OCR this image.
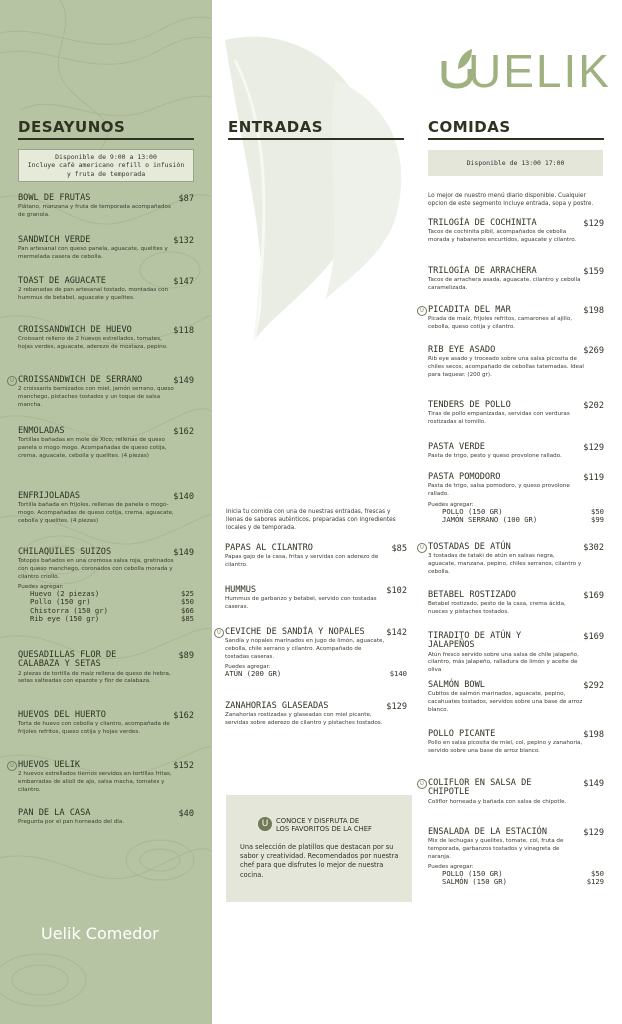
UELIK
DESAYUNOS	ENTRADAS	COMIDAS
Disponible de 9:00 a 13:00
Incluye café americano refill o infusión
y fruta de temporada
Disponible de 13:00 17:00
BOWL DE FRUTAS	$87
Plátano, manzana y fruta de temporada acompañados de granola.
SANDWICH VERDE	$132
Pan artesanal con queso panela, aguacate, quelites y mermelada casera de cebolla.
TOAST DE AGUACATE	$147
2 rebanadas de pan artesanal tostado, montadas con hummus de betabel, aguacate y quelites.
CROISSANDWICH DE HUEVO	$118
Croissant relleno de 2 huevos estrellados, tomates, hojas verdes, aguacate, aderezo de mostaza, pepino.
U CROISSANDWICH DE SERRANO	$149
2 croissants barnizados con miel, jamón serrano, queso manchego, pistaches tostados y un toque de salsa mancha.
ENMOLADAS	$162
Tortillas bañadas en mole de Xico, rellenas de queso panela o mogo mogo. Acompañadas de queso cotija, crema, aguacate, cebolla y quelites. (4 piezas)
ENFRIJOLADAS	$140
Tortilla bañada en frijoles, rellenas de panela o mogo-mogo. Acompañadas de queso cotija, crema, aguacate, cebolla y quelites. (4 piezas)
CHILAQUILES SUIZOS	$149
Totopos bañados en una cremosa salsa roja, gratinados con queso manchego, coronados con cebolla morada y cilantro criollo.
Puedes agregar:
Huevo (2 piezas)	$25
Pollo (150 gr)	$50
Chistorra (150 gr)	$66
Rib eye (150 gr)	$85
QUESADILLAS FLOR DE CALABAZA Y SETAS
$89
2 piezas de tortilla de maíz rellena de queso de hebra, setas salteadas con epazote y flor de calabaza.
HUEVOS DEL HUERTO	$162
Torta de huevo con cebolla y cilantro, acompañada de frijoles refritos, queso cotija y hojas verdes.
U HUEVOS UELIK	$152
2 huevos estrellados tiernos servidos en tortillas fritas, embarradas de aliolí de ajo, salsa macha, tomates y cilantro.
PAN DE LA CASA	$40
Pregunta por el pan horneado del día.
Inicia tu comida con una de nuestras entradas, frescas y llenas de sabores auténticos, preparadas con ingredientes locales y de temporada.
PAPAS AL CILANTRO	$85
Papas gajo de la casa, fritas y servidas con aderezo de cilantro.
HUMMUS	$102
Hummus de garbanzo y betabel, servido con tostadas caseras.
U CEVICHE DE SANDÍA Y NOPALES	$142
Sandía y nopales marinados en jugo de limón, aguacate, cebolla, chile serrano y cilantro. Acompañado de tostadas caseras.
Puedes agregar:
ATÚN (200 GR)	$140
ZANAHORIAS GLASEADAS	$129
Zanahorias rostizadas y glaseadas con miel picante, servidas sobre aderezo de cilantro y pistaches tostados.
Lo mejor de nuestro menú diario disponible. Cualquier opcion de este segmento incluye entrada, sopa y postre.
TRILOGÍA DE COCHINITA	$129
Tacos de cochinita pibil, acompañados de cebolla morada y habaneros encurtidos, aguacate y cilantro.
TRILOGÍA DE ARRACHERA	$159
Tacos de arrachera asada, aguacate, cilantro y cebolla caramelizada.
U PICADITA DEL MAR	$198
Picada de maíz, frijoles refritos, camarones al ajillo, cebolla, queso cotija y cilantro.
RIB EYE ASADO	$269
Rib eye asado y troceado sobre una salsa picosita de chiles secos, acompañado de cebollas tatemadas. Ideal para taquear. (200 gr).
TENDERS DE POLLO	$202
Tiras de pollo empanizadas, servidas con verduras rostizadas al tomillo.
PASTA VERDE	$129
Pasta de trigo, pesto y queso provolone rallado.
PASTA POMODORO	$119
Pasta de trigo, salsa pomodoro, y queso provolone rallado.
Puedes agregar:
POLLO (150 GR)	$50
JAMÓN SERRANO (100 GR)	$99
U TOSTADAS DE ATÚN	$302
3 tostadas de tataki de atún en salsas negra, aguacate, manzana, pepino, chiles serranos, cilantro y cebolla.
BETABEL ROSTIZADO	$169
Betabel rostizado, pesto de la casa, crema ácida, nueces y pistaches tostados.
TIRADITO DE ATÚN Y JALAPEÑOS
$169
Atún fresco servido sobre una salsa de chile jalapeño, cilantro, más jalapeño, ralladura de limón y aceite de oliva
SALMÓN BOWL	$292
Cubitos de salmón marinados, aguacate, pepino, cacahuates tostados, servidos sobre una base de arroz blanco.
POLLO PICANTE	$198
Pollo en salsa picosita de miel, col, pepino y zanahoria, servido sobre una base de arroz blanco.
U COLIFLOR EN SALSA DE CHIPOTLE
$149
Coliflor horneada y bañada con salsa de chipotle.
ENSALADA DE LA ESTACIÓN	$129
Mix de lechugas y quelites, tomate, col, fruta de temporada, garbanzos tostados y vinagreta de naranja.
Puedes agregar:
POLLO (150 GR)	$50
SALMÓN (150 GR)	$129
U	CONOCE Y DISFRUTA DE
LOS FAVORITOS DE LA CHEF
Una selección de platillos que destacan por su sabor y creatividad. Recomendados por nuestra chef para que disfrutes lo mejor de nuestra cocina.
Uelik Comedor
